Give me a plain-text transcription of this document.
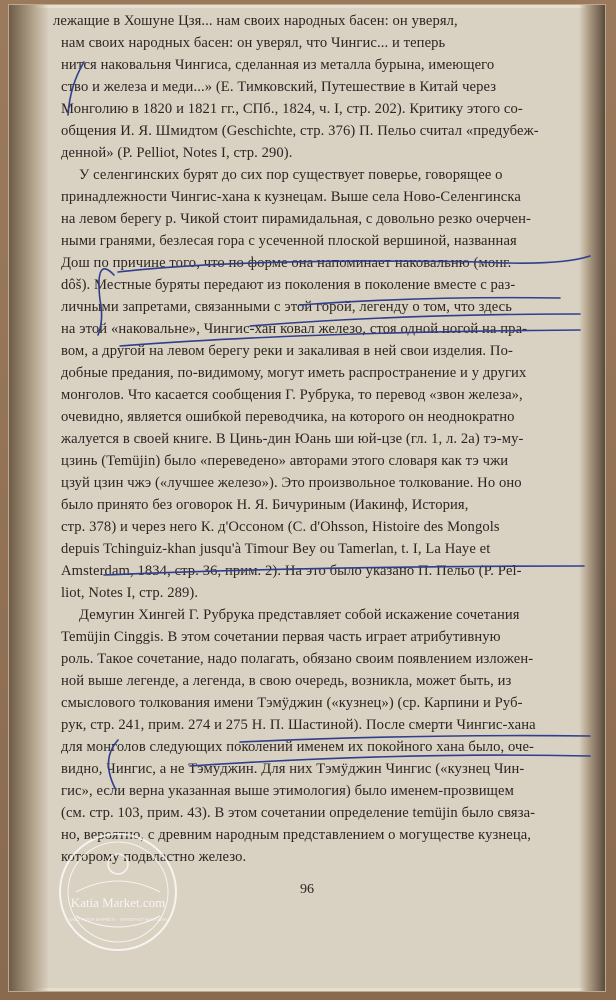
лежащие в Хошуне Цзя... нам своих народных басен: он уверял,
нам своих народных басен: он уверял, что Чингис... и теперь
нится наковальня Чингиса, сделанная из металла бурына, имеющего
ство и железа и меди...» (Е. Тимковский, Путешествие в Китай через
Монголию в 1820 и 1821 гг., СПб., 1824, ч. I, стр. 202). Критику этого со-
общения И. Я. Шмидтом (Geschichte, стр. 376) П. Пельо считал «предубеж-
денной» (P. Pelliot, Notes I, стр. 290).
У селенгинских бурят до сих пор существует поверье, говорящее о
принадлежности Чингис-хана к кузнецам. Выше села Ново-Селенгинска
на левом берегу р. Чикой стоит пирамидальная, с довольно резко очерчен-
ными гранями, безлесая гора с усеченной плоской вершиной, названная
Дош по причине того, что по форме она напоминает наковальню (монг.
dôš). Местные буряты передают из поколения в поколение вместе с раз-
личными запретами, связанными с этой горой, легенду о том, что здесь
на этой «наковальне», Чингис-хан ковал железо, стоя одной ногой на пра-
вом, а другой на левом берегу реки и закаливая в ней свои изделия. По-
добные предания, по-видимому, могут иметь распространение и у других
монголов. Что касается сообщения Г. Рубрука, то перевод «звон железа»,
очевидно, является ошибкой переводчика, на которого он неоднократно
жалуется в своей книге. В Цинь-дин Юань ши юй-цзе (гл. 1, л. 2а) тэ-му-
цзинь (Temüjin) было «переведено» авторами этого словаря как тэ чжи
цзуй цзин чжэ («лучшее железо»). Это произвольное толкование. Но оно
было принято без оговорок Н. Я. Бичуриным (Иакинф, История,
стр. 378) и через него К. д'Оссоном (C. d'Ohsson, Histoire des Mongols
depuis Tchinguiz-khan jusqu'à Timour Bey ou Tamerlan, t. I, La Haye et
Amsterdam, 1834, стр. 36, прим. 2). На это было указано П. Пельо (P. Pel-
liot, Notes I, стр. 289).
Демугин Хингей Г. Рубрука представляет собой искажение сочетания
Temüjin Cinggis. В этом сочетании первая часть играет атрибутивную
роль. Такое сочетание, надо полагать, обязано своим появлением изложен-
ной выше легенде, а легенда, в свою очередь, возникла, может быть, из
смыслового толкования имени Тэмӱджин («кузнец») (ср. Карпини и Руб-
рук, стр. 241, прим. 274 и 275 Н. П. Шастиной). После смерти Чингис-хана
для монголов следующих поколений именем их покойного хана было, оче-
видно, Чингис, а не Тэмӱджин. Для них Тэмӱджин Чингис («кузнец Чин-
гис», если верна указанная выше этимология) было именем-прозвищем
(см. стр. 103, прим. 43). В этом сочетании определение temüjin было связа-
но, вероятно, с древним народным представлением о могуществе кузнеца,
которому подвластно железо.
96
Katia Market.com
ООО «КАТЯ МАРКЕТ» · ИНТЕРНЕТ-МАГАЗИН
